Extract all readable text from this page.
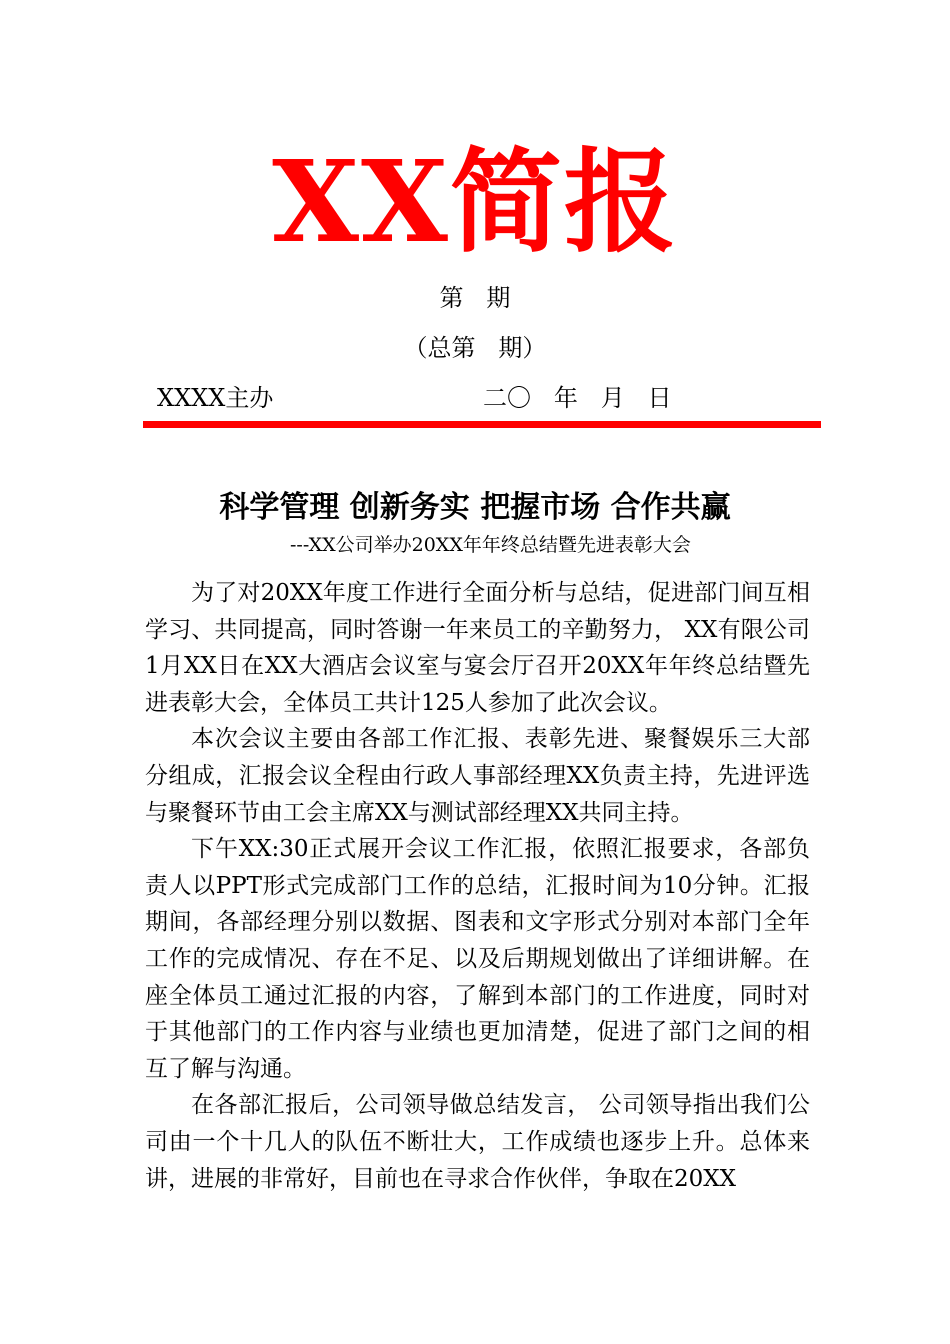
XX简报
第   期
（总第   期）
XXXX主办	二〇   年   月   日
科学管理 创新务实 把握市场 合作共赢
---XX公司举办20XX年年终总结暨先进表彰大会

为了对20XX年度工作进行全面分析与总结，促进部门间互相学习、共同提高，同时答谢一年来员工的辛勤努力， XX有限公司1月XX日在XX大酒店会议室与宴会厅召开20XX年年终总结暨先进表彰大会，全体员工共计125人参加了此次会议。

本次会议主要由各部工作汇报、表彰先进、聚餐娱乐三大部分组成，汇报会议全程由行政人事部经理XX负责主持，先进评选与聚餐环节由工会主席XX与测试部经理XX共同主持。

下午XX:30正式展开会议工作汇报，依照汇报要求，各部负责人以PPT形式完成部门工作的总结，汇报时间为10分钟。汇报期间，各部经理分别以数据、图表和文字形式分别对本部门全年工作的完成情况、存在不足、以及后期规划做出了详细讲解。在座全体员工通过汇报的内容，了解到本部门的工作进度，同时对于其他部门的工作内容与业绩也更加清楚，促进了部门之间的相互了解与沟通。

在各部汇报后，公司领导做总结发言， 公司领导指出我们公司由一个十几人的队伍不断壮大，工作成绩也逐步上升。总体来讲，进展的非常好，目前也在寻求合作伙伴，争取在20XX
